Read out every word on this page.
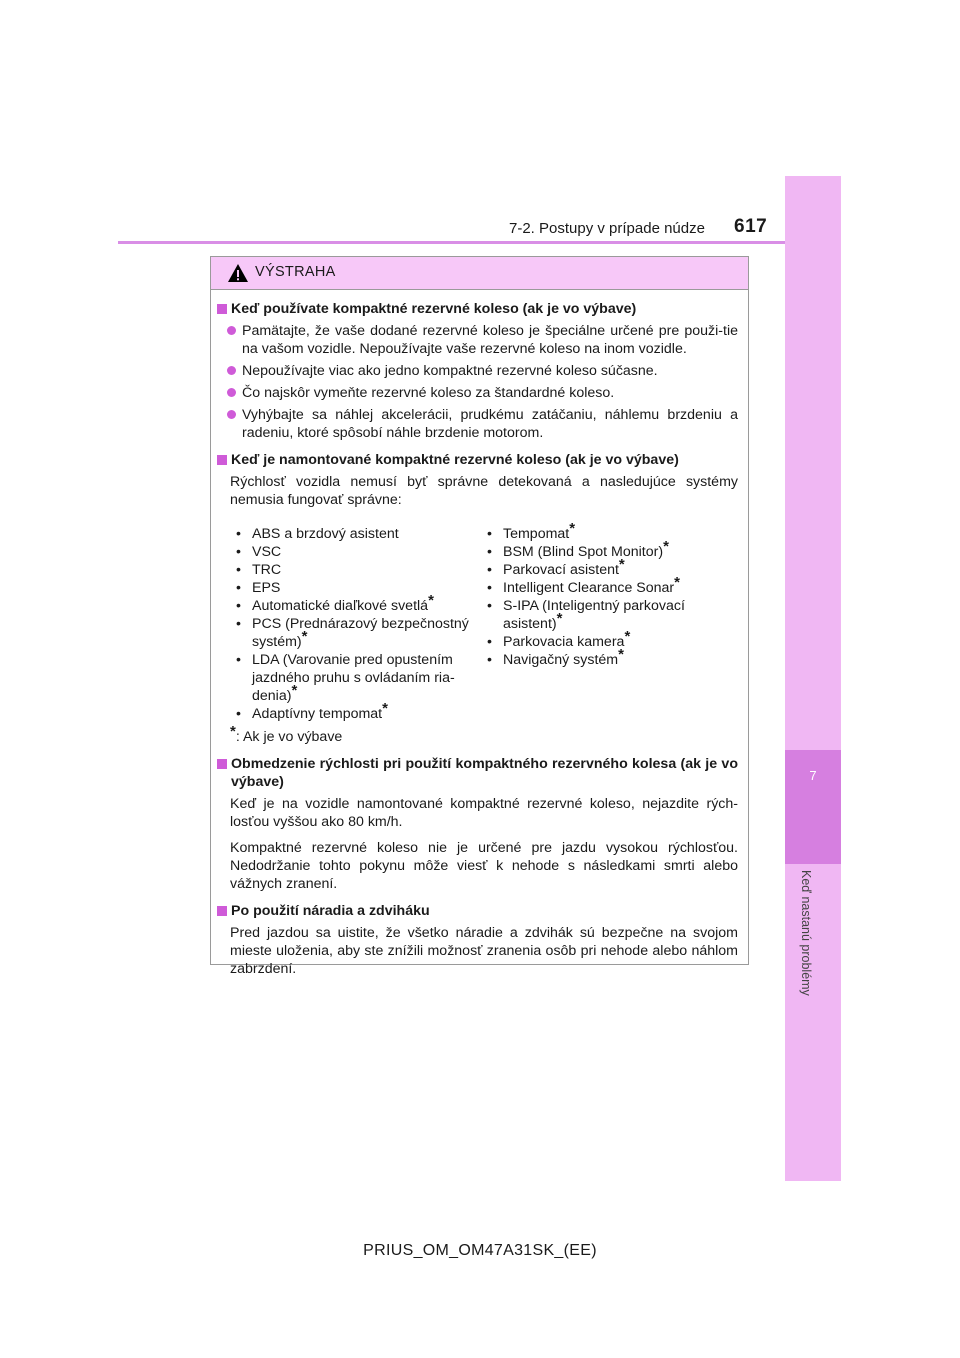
7-2. Postupy v prípade núdze 617
7
Keď nastanú problémy
VÝSTRAHA
Keď používate kompaktné rezervné koleso (ak je vo výbave)
Pamätajte, že vaše dodané rezervné koleso je špeciálne určené pre použi-tie na vašom vozidle. Nepoužívajte vaše rezervné koleso na inom vozidle.
Nepoužívajte viac ako jedno kompaktné rezervné koleso súčasne.
Čo najskôr vymeňte rezervné koleso za štandardné koleso.
Vyhýbajte sa náhlej akcelerácii, prudkému zatáčaniu, náhlemu brzdeniu a radeniu, ktoré spôsobí náhle brzdenie motorom.
Keď je namontované kompaktné rezervné koleso (ak je vo výbave)
Rýchlosť vozidla nemusí byť správne detekovaná a nasledujúce systémy nemusia fungovať správne:
• ABS a brzdový asistent
• VSC
• TRC
• EPS
• Automatické diaľkové svetlá*
• PCS (Prednárazový bezpečnostný systém)*
• LDA (Varovanie pred opustením jazdného pruhu s ovládaním ria-denia)*
• Adaptívny tempomat*
• Tempomat*
• BSM (Blind Spot Monitor)*
• Parkovací asistent*
• Intelligent Clearance Sonar*
• S-IPA (Inteligentný parkovací asistent)*
• Parkovacia kamera*
• Navigačný systém*
*: Ak je vo výbave
Obmedzenie rýchlosti pri použití kompaktného rezervného kolesa (ak je vo výbave)
Keď je na vozidle namontované kompaktné rezervné koleso, nejazdite rých-losťou vyššou ako 80 km/h.
Kompaktné rezervné koleso nie je určené pre jazdu vysokou rýchlosťou. Nedodržanie tohto pokynu môže viesť k nehode s následkami smrti alebo vážnych zranení.
Po použití náradia a zdviháku
Pred jazdou sa uistite, že všetko náradie a zdvihák sú bezpečne na svojom mieste uloženia, aby ste znížili možnosť zranenia osôb pri nehode alebo náhlom zabrzdení.
PRIUS_OM_OM47A31SK_(EE)
